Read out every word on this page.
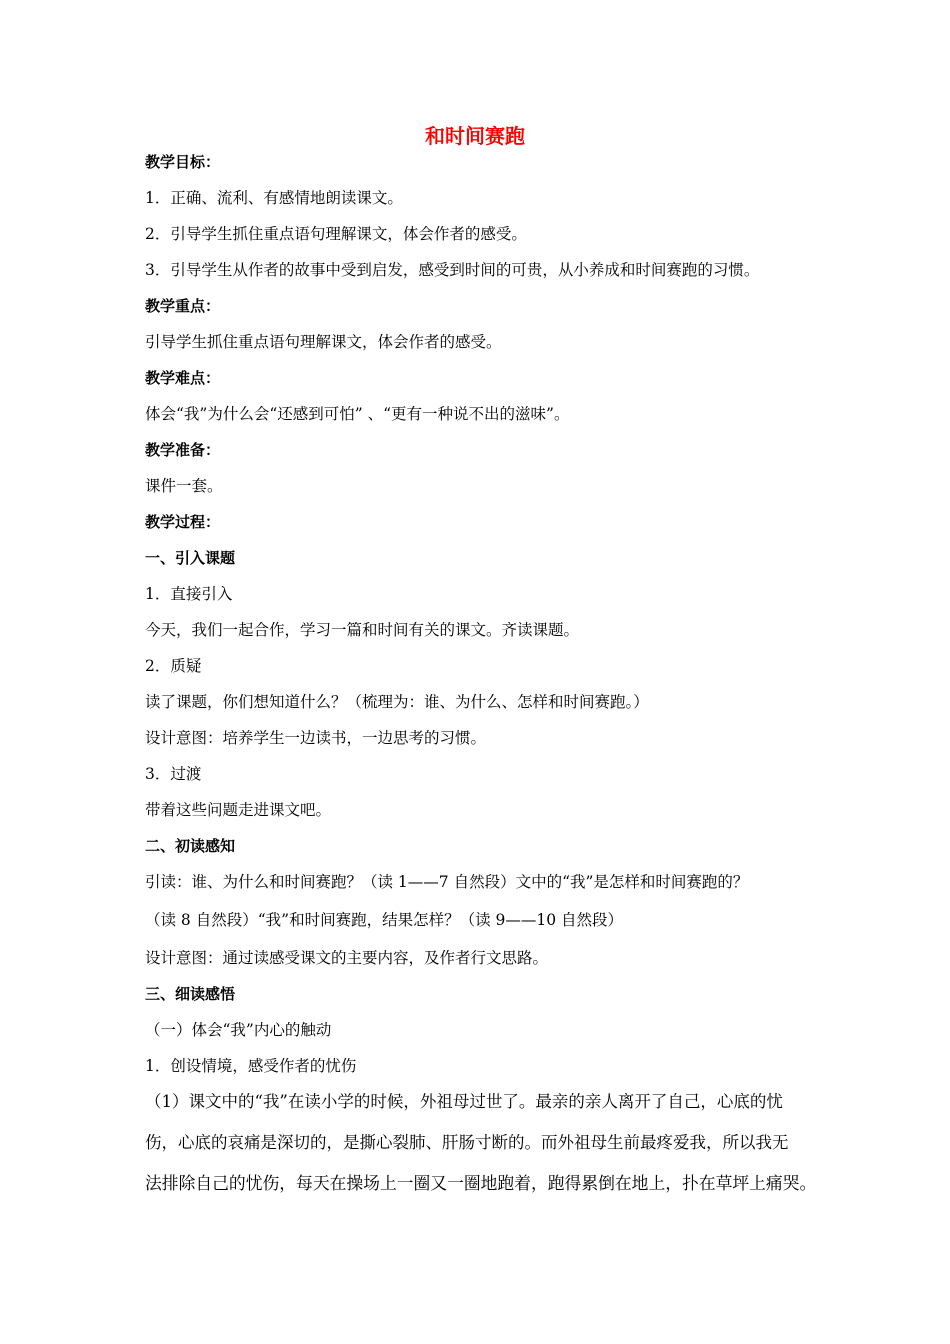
和时间赛跑
教学目标：
1．正确、流利、有感情地朗读课文。
2．引导学生抓住重点语句理解课文，体会作者的感受。
3．引导学生从作者的故事中受到启发，感受到时间的可贵，从小养成和时间赛跑的习惯。
教学重点：
引导学生抓住重点语句理解课文，体会作者的感受。
教学难点：
体会“我”为什么会“还感到可怕” 、“更有一种说不出的滋味”。
教学准备：
课件一套。
教学过程：
一、引入课题
1．直接引入
今天，我们一起合作，学习一篇和时间有关的课文。齐读课题。
2．质疑
读了课题，你们想知道什么？（梳理为：谁、为什么、怎样和时间赛跑。）
设计意图：培养学生一边读书，一边思考的习惯。
3．过渡
带着这些问题走进课文吧。
二、初读感知
引读：谁、为什么和时间赛跑？（读 1——7 自然段）文中的“我”是怎样和时间赛跑的？
（读 8 自然段）“我”和时间赛跑，结果怎样？（读 9——10 自然段）
设计意图：通过读感受课文的主要内容，及作者行文思路。
三、细读感悟
（一）体会“我”内心的触动
1．创设情境，感受作者的忧伤
（1）课文中的“我”在读小学的时候，外祖母过世了。最亲的亲人离开了自己，心底的忧
伤，心底的哀痛是深切的，是撕心裂肺、肝肠寸断的。而外祖母生前最疼爱我，所以我无
法排除自己的忧伤，每天在操场上一圈又一圈地跑着，跑得累倒在地上，扑在草坪上痛哭。
